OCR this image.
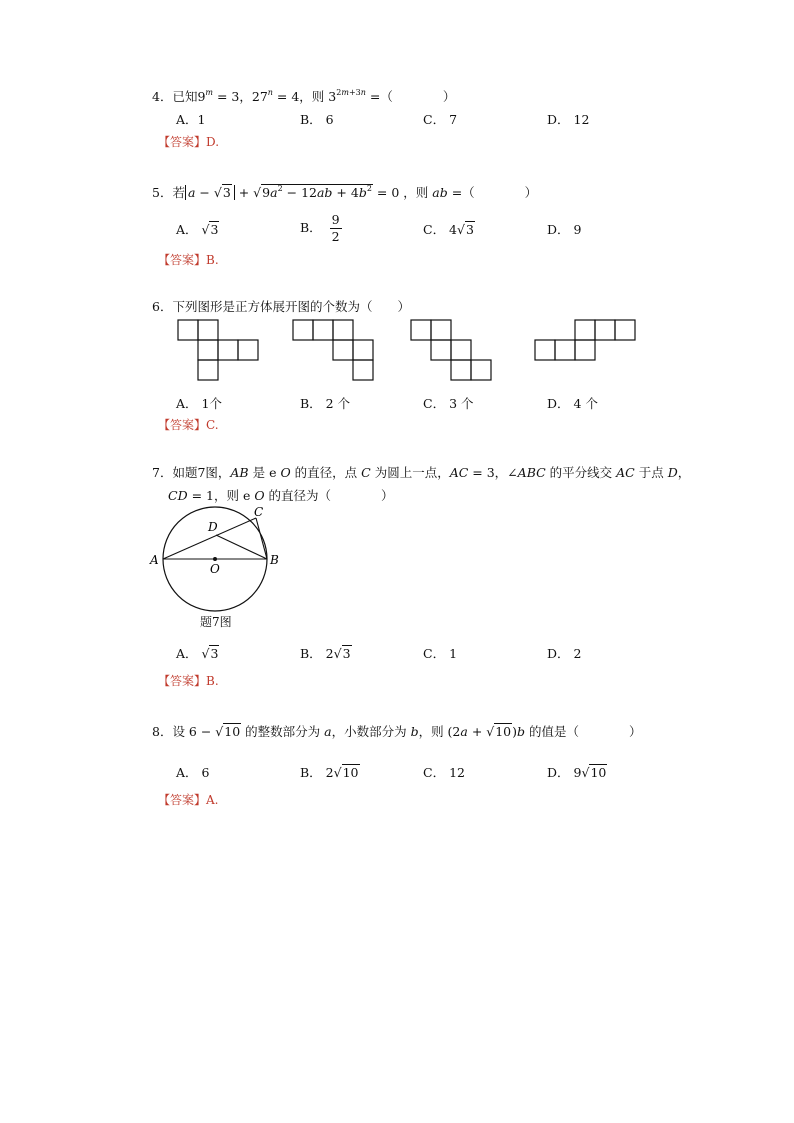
4．已知$9^m = 3$，$27^n = 4$，则 $3^{2m+3n}$ =（　　　　）
A．1	B． 6	C． 7	D． 12
【答案】D.
5．若 $a - √3 + √9a^2 - 12ab + 4b^2 = 0$ ，则 ab =（　　　　）
A． √3	B． $\frac{9}{2}$	C． 4√3	D． 9
【答案】B.
6．下列图形是正方体展开图的个数为（　　）
A． 1个	B． 2 个	C． 3 个	D． 4 个
【答案】C.
7．如题7图，AB 是 e O 的直径，点 C 为圆上一点，AC = 3，∠ABC 的平分线交 AC 于点 D，
CD = 1，则 e O 的直径为（　　　　）
A	B
C
D
O
题7图
A． √3	B． 2√3	C． 1	D． 2
【答案】B.
8．设 6 − √10 的整数部分为 a，小数部分为 b，则 (2a + √10)b 的值是（　　　　）
A． 6	B． 2√10	C． 12	D． 9√10
【答案】A.
